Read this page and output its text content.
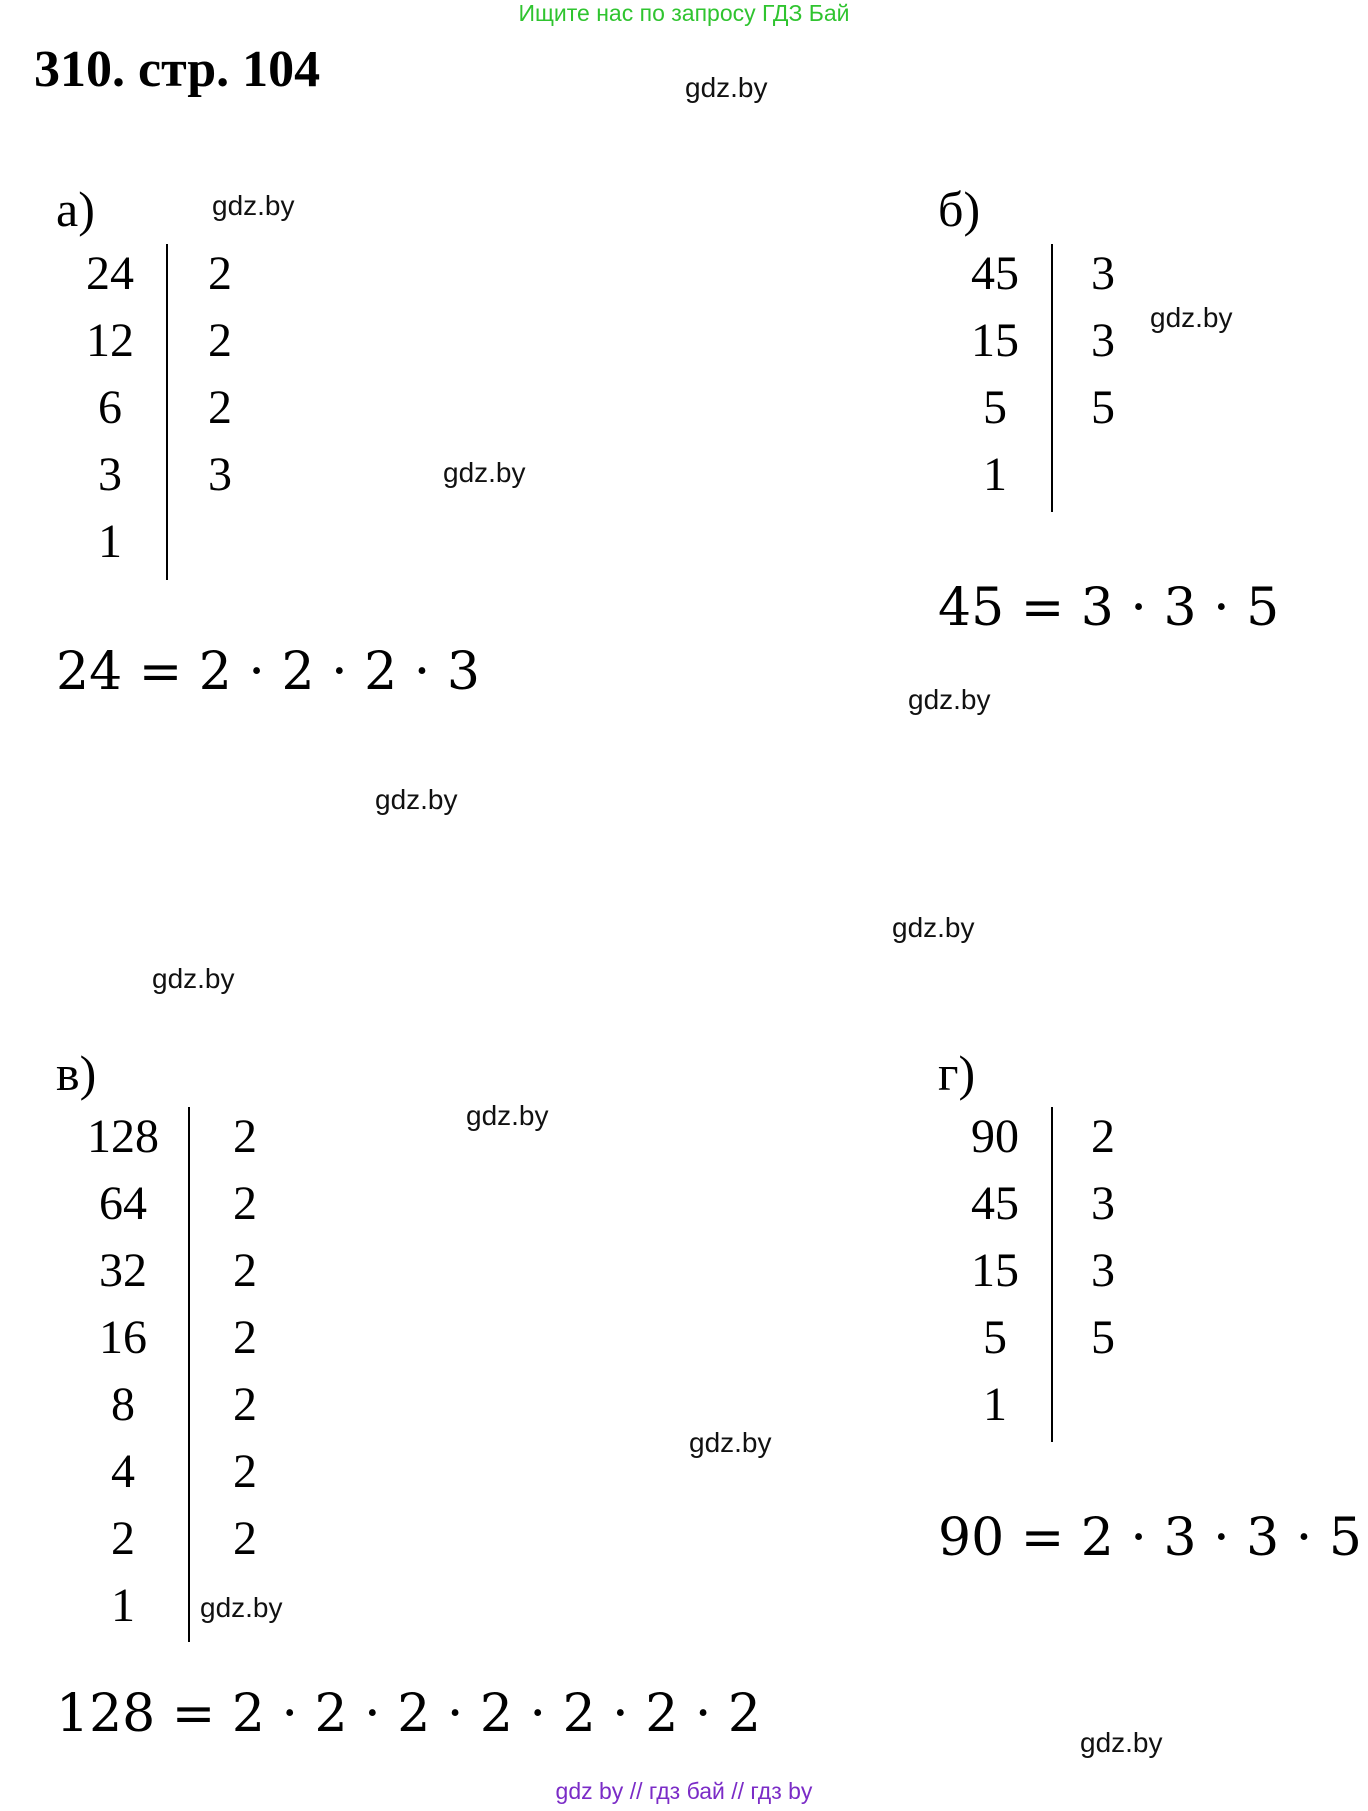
Ищите нас по запросу ГДЗ Бай
310. стр. 104	gdz.by
gdz.by
gdz.by
gdz.by
gdz.by
gdz.by
gdz.by
gdz.by
gdz.by
gdz.by
gdz.by
gdz.by
а)
24	2
12	2
6	2
3	3
1
24 = 2 · 2 · 2 · 3
б)
45	3
15	3
5	5
1
45 = 3 · 3 · 5
в)
128 2
64	2
32	2
16	2
8	2
4	2
2	2
1
128 = 2 · 2 · 2 · 2 · 2 · 2 · 2
г)
90	2
45	3
15	3
5	5
1
90 = 2 · 3 · 3 · 5
gdz by // гдз бай // гдз by
